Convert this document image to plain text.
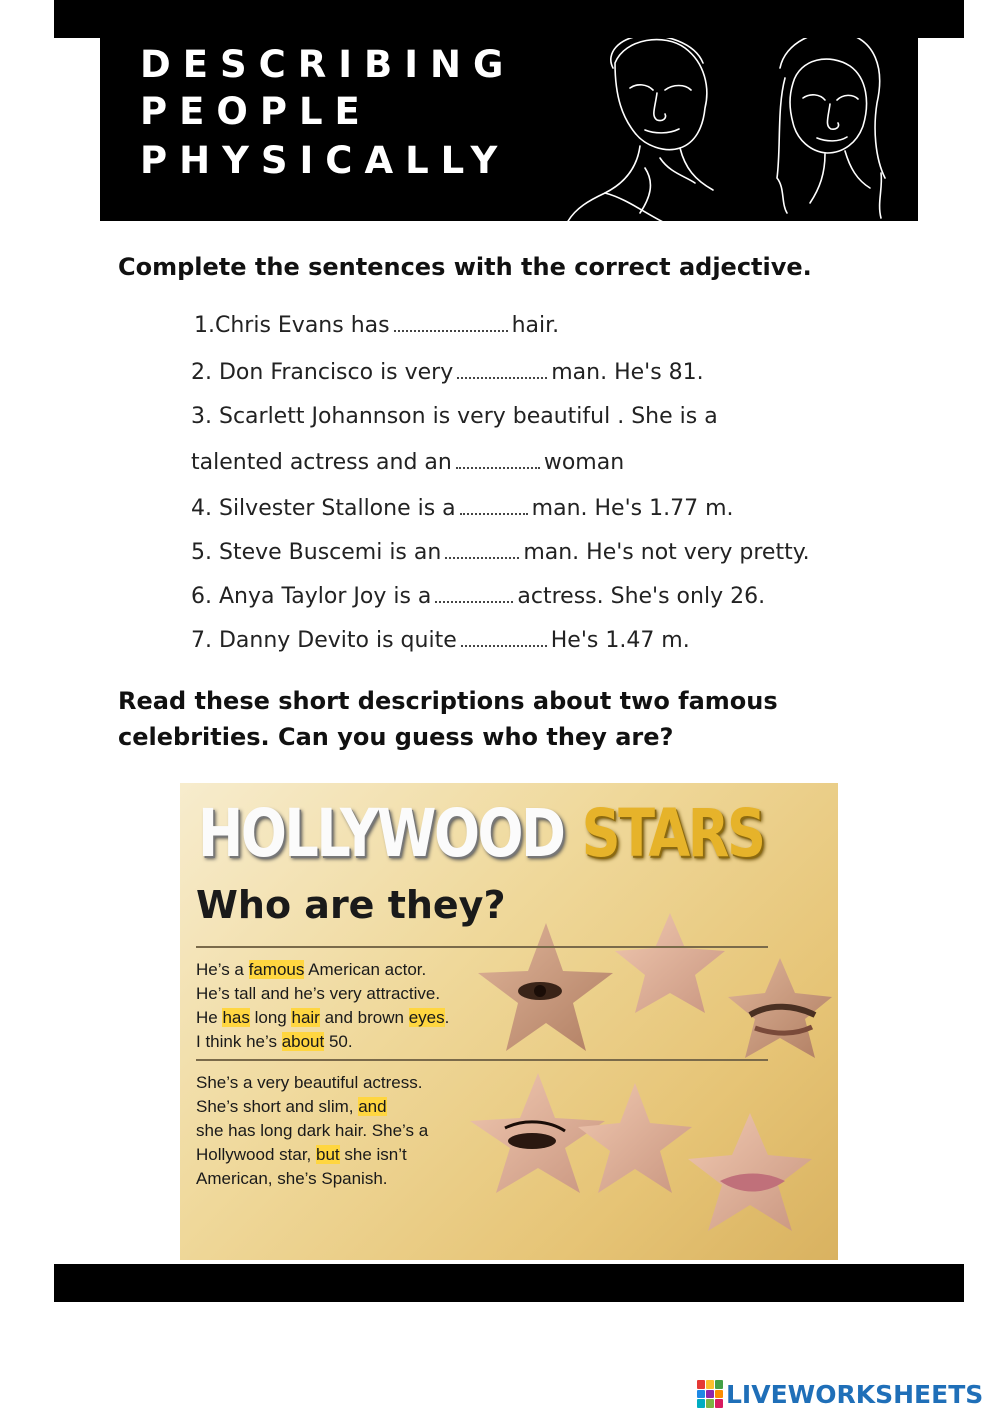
DESCRIBING
PEOPLE
PHYSICALLY
Complete the sentences with the correct adjective.
1.Chris Evans has	hair.
2. Don Francisco is very	man. He's 81.
3. Scarlett Johannson is very beautiful . She is a
talented actress and an	woman
4. Silvester Stallone is a	man. He's 1.77 m.
5. Steve Buscemi is an	man. He's not very pretty.
6. Anya Taylor Joy is a	actress. She's only 26.
7. Danny Devito is quite	He's 1.47 m.
Read these short descriptions about two famous
celebrities. Can you guess who they are?
HOLLYWOOD STARS
Who are they?
He’s a famous American actor.
He’s tall and he’s very attractive.
He has long hair and brown eyes.
I think he’s about 50.
She’s a very beautiful actress.
She’s short and slim, and
she has long dark hair. She’s a
Hollywood star, but she isn’t
American, she’s Spanish.
LIVEWORKSHEETS
